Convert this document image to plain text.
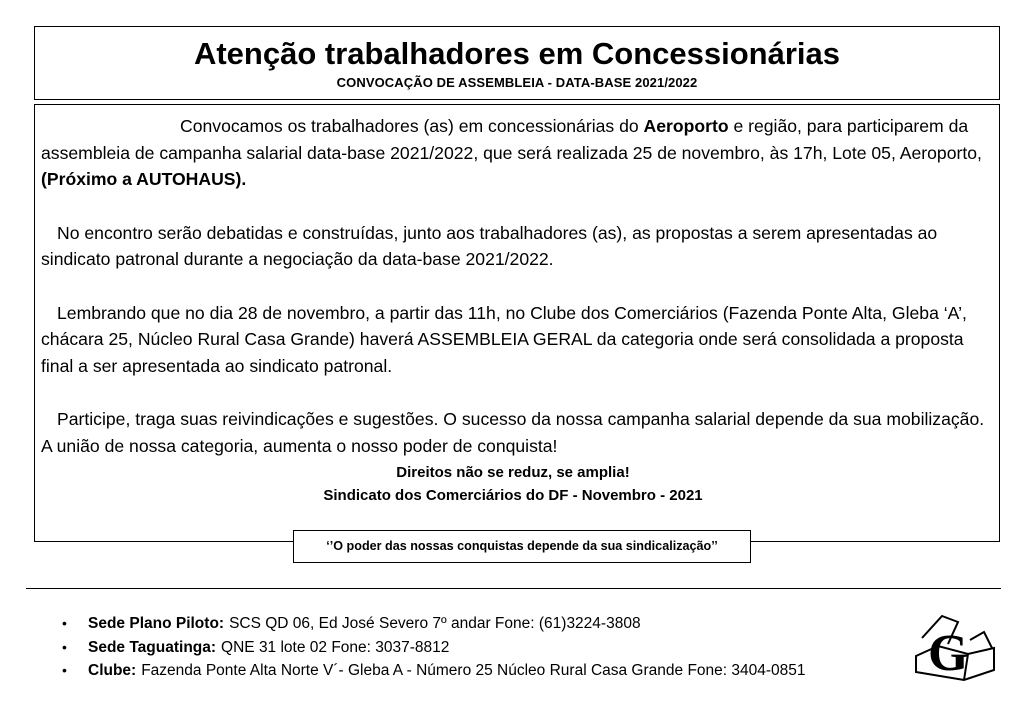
Atenção trabalhadores em Concessionárias
CONVOCAÇÃO DE ASSEMBLEIA - DATA-BASE 2021/2022

Convocamos os trabalhadores (as) em concessionárias do Aeroporto e região, para participarem da assembleia de campanha salarial data-base 2021/2022, que será realizada 25 de novembro, às 17h, Lote 05, Aeroporto, (Próximo a AUTOHAUS).

No encontro serão debatidas e construídas, junto aos trabalhadores (as), as propostas a serem apresentadas ao sindicato patronal durante a negociação da data-base 2021/2022.

Lembrando que no dia 28 de novembro, a partir das 11h, no Clube dos Comerciários (Fazenda Ponte Alta, Gleba ‘A’, chácara 25, Núcleo Rural Casa Grande) haverá ASSEMBLEIA GERAL da categoria onde será consolidada a proposta final a ser apresentada ao sindicato patronal.

Participe, traga suas reivindicações e sugestões. O sucesso da nossa campanha salarial depende da sua mobilização. A união de nossa categoria, aumenta o nosso poder de conquista!

Direitos não se reduz, se amplia!
Sindicato dos Comerciários do DF - Novembro - 2021
‘’O poder das nossas conquistas depende da sua sindicalização’’
•	Sede Plano Piloto: SCS QD 06, Ed José Severo 7º andar Fone: (61)3224-3808
•	Sede Taguatinga: QNE 31 lote 02 Fone: 3037-8812
•	Clube: Fazenda Ponte Alta Norte V´- Gleba A - Número 25 Núcleo Rural Casa Grande Fone: 3404-0851 G
